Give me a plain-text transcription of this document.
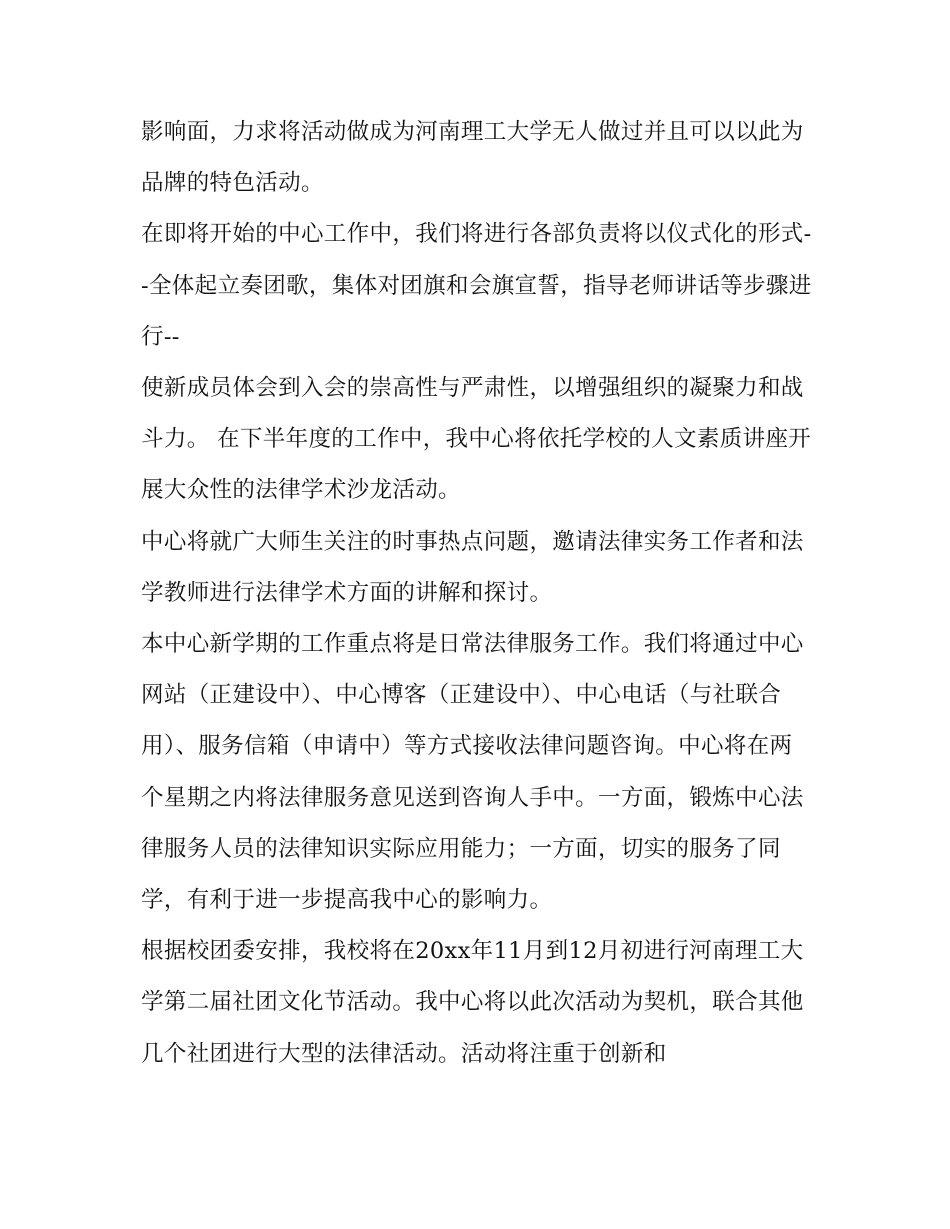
影响面，力求将活动做成为河南理工大学无人做过并且可以以此为品牌的特色活动。

在即将开始的中心工作中，我们将进行各部负责将以仪式化的形式--全体起立奏团歌，集体对团旗和会旗宣誓，指导老师讲话等步骤进行--

使新成员体会到入会的崇高性与严肃性，以增强组织的凝聚力和战斗力。 在下半年度的工作中，我中心将依托学校的人文素质讲座开展大众性的法律学术沙龙活动。

中心将就广大师生关注的时事热点问题，邀请法律实务工作者和法学教师进行法律学术方面的讲解和探讨。

本中心新学期的工作重点将是日常法律服务工作。我们将通过中心网站（正建设中）、中心博客（正建设中）、中心电话（与社联合用）、服务信箱（申请中）等方式接收法律问题咨询。中心将在两个星期之内将法律服务意见送到咨询人手中。一方面，锻炼中心法律服务人员的法律知识实际应用能力；一方面，切实的服务了同学，有利于进一步提高我中心的影响力。

根据校团委安排，我校将在20xx年11月到12月初进行河南理工大学第二届社团文化节活动。我中心将以此次活动为契机，联合其他几个社团进行大型的法律活动。活动将注重于创新和
